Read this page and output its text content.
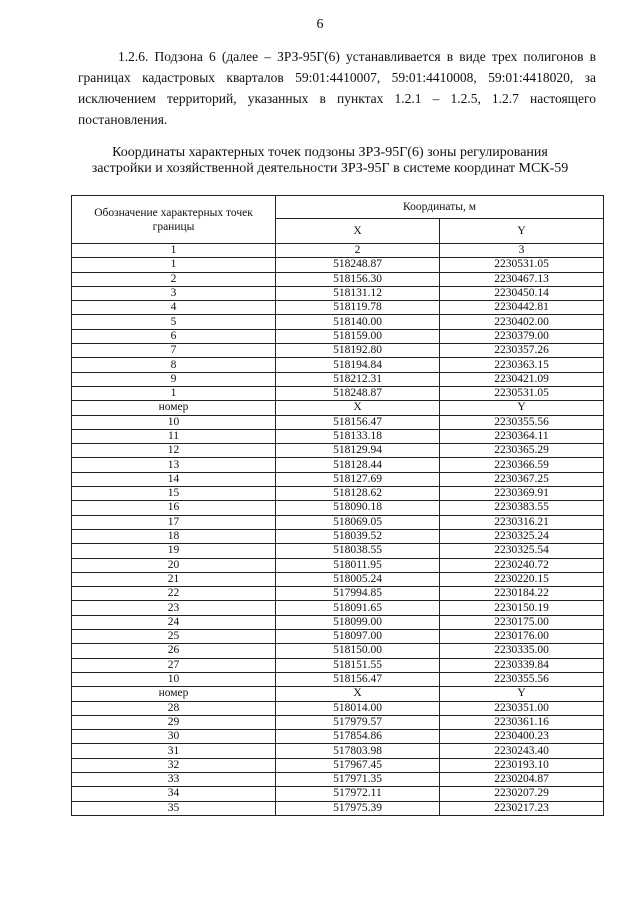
6
1.2.6. Подзона 6 (далее – ЗРЗ-95Г(6) устанавливается в виде трех полигонов в границах кадастровых кварталов 59:01:4410007, 59:01:4410008, 59:01:4418020, за исключением территорий, указанных в пунктах 1.2.1 – 1.2.5, 1.2.7 настоящего постановления.
Координаты характерных точек подзоны ЗРЗ-95Г(6) зоны регулирования
застройки и хозяйственной деятельности ЗРЗ-95Г в системе координат МСК-59
Обозначение характерных точек границы	Координаты, м	
	X	Y
1	2	3
1	518248.87	2230531.05
2	518156.30	2230467.13
3	518131.12	2230450.14
4	518119.78	2230442.81
5	518140.00	2230402.00
6	518159.00	2230379.00
7	518192.80	2230357.26
8	518194.84	2230363.15
9	518212.31	2230421.09
1	518248.87	2230531.05
номер	X	Y
10	518156.47	2230355.56
11	518133.18	2230364.11
12	518129.94	2230365.29
13	518128.44	2230366.59
14	518127.69	2230367.25
15	518128.62	2230369.91
16	518090.18	2230383.55
17	518069.05	2230316.21
18	518039.52	2230325.24
19	518038.55	2230325.54
20	518011.95	2230240.72
21	518005.24	2230220.15
22	517994.85	2230184.22
23	518091.65	2230150.19
24	518099.00	2230175.00
25	518097.00	2230176.00
26	518150.00	2230335.00
27	518151.55	2230339.84
10	518156.47	2230355.56
номер	X	Y
28	518014.00	2230351.00
29	517979.57	2230361.16
30	517854.86	2230400.23
31	517803.98	2230243.40
32	517967.45	2230193.10
33	517971.35	2230204.87
34	517972.11	2230207.29
35	517975.39	2230217.23
